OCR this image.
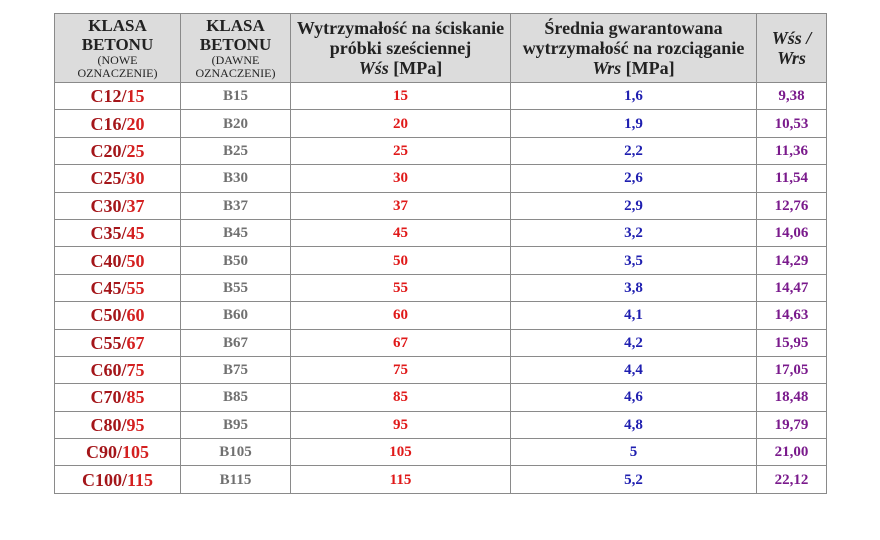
KLASA
BETONU
(NOWE
OZNACZENIE)	KLASA
BETONU
(DAWNE
OZNACZENIE)	Wytrzymałość na ściskanie
próbki sześciennej
Wśs [MPa]	Średnia gwarantowana
wytrzymałość na rozciąganie
Wrs [MPa]	Wśs /
Wrs

C12/15	B15	15	1,6	9,38
C16/20	B20	20	1,9	10,53
C20/25	B25	25	2,2	11,36
C25/30	B30	30	2,6	11,54
C30/37	B37	37	2,9	12,76
C35/45	B45	45	3,2	14,06
C40/50	B50	50	3,5	14,29
C45/55	B55	55	3,8	14,47
C50/60	B60	60	4,1	14,63
C55/67	B67	67	4,2	15,95
C60/75	B75	75	4,4	17,05
C70/85	B85	85	4,6	18,48
C80/95	B95	95	4,8	19,79
C90/105	B105	105	5	21,00
C100/115	B115	115	5,2	22,12
